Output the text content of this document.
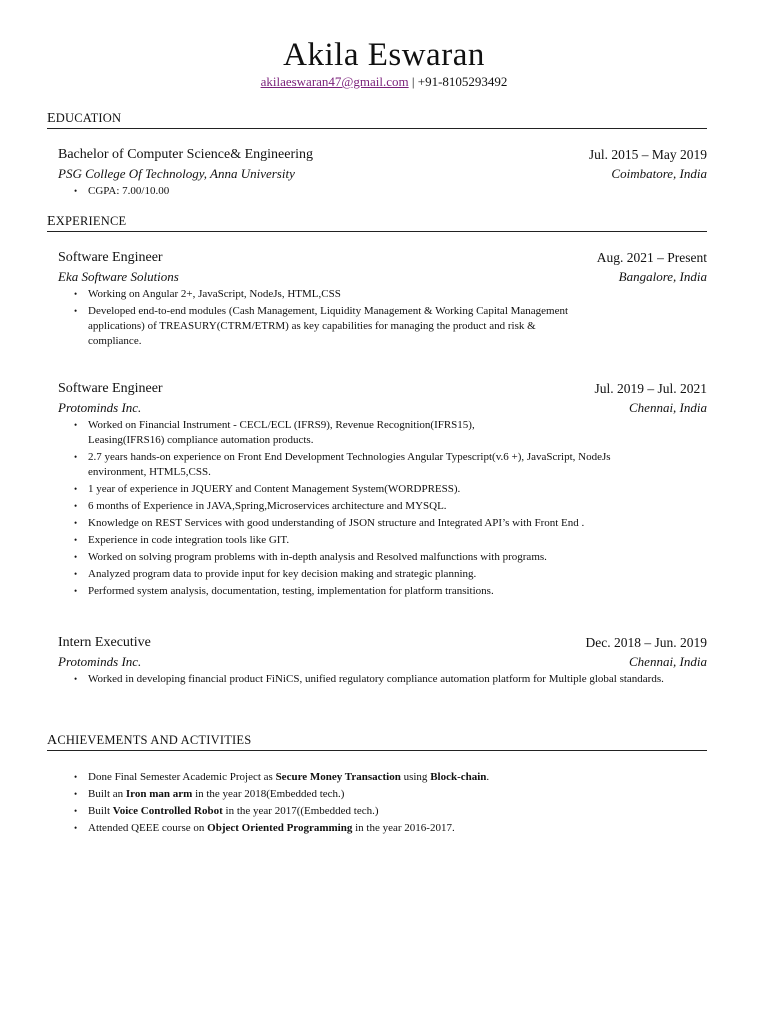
Akila Eswaran
akilaeswaran47@gmail.com | +91-8105293492
EDUCATION
Bachelor of Computer Science& Engineering	Jul. 2015 – May 2019
PSG College Of Technology, Anna University	Coimbatore, India
• CGPA: 7.00/10.00
EXPERIENCE
Software Engineer	Aug. 2021 – Present
Eka Software Solutions	Bangalore, India
• Working on Angular 2+, JavaScript, NodeJs, HTML,CSS
• Developed end-to-end modules (Cash Management, Liquidity Management & Working Capital Management applications) of TREASURY(CTRM/ETRM) as key capabilities for managing the product and risk & compliance.
Software Engineer	Jul. 2019 – Jul. 2021
Protominds Inc.	Chennai, India
• Worked on Financial Instrument - CECL/ECL (IFRS9), Revenue Recognition(IFRS15), Leasing(IFRS16) compliance automation products.
• 2.7 years hands-on experience on Front End Development Technologies Angular Typescript(v.6 +), JavaScript, NodeJs environment, HTML5,CSS.
• 1 year of experience in JQUERY and Content Management System(WORDPRESS).
• 6 months of Experience in JAVA,Spring,Microservices architecture and MYSQL.
• Knowledge on REST Services with good understanding of JSON structure and Integrated API’s with Front End .
• Experience in code integration tools like GIT.
• Worked on solving program problems with in-depth analysis and Resolved malfunctions with programs.
• Analyzed program data to provide input for key decision making and strategic planning.
• Performed system analysis, documentation, testing, implementation for platform transitions.
Intern Executive	Dec. 2018 – Jun. 2019
Protominds Inc.	Chennai, India
• Worked in developing financial product FiNiCS, unified regulatory compliance automation platform for Multiple global standards.
ACHIEVEMENTS AND ACTIVITIES
• Done Final Semester Academic Project as Secure Money Transaction using Block-chain.
• Built an Iron man arm in the year 2018(Embedded tech.)
• Built Voice Controlled Robot in the year 2017((Embedded tech.)
• Attended QEEE course on Object Oriented Programming in the year 2016-2017.
